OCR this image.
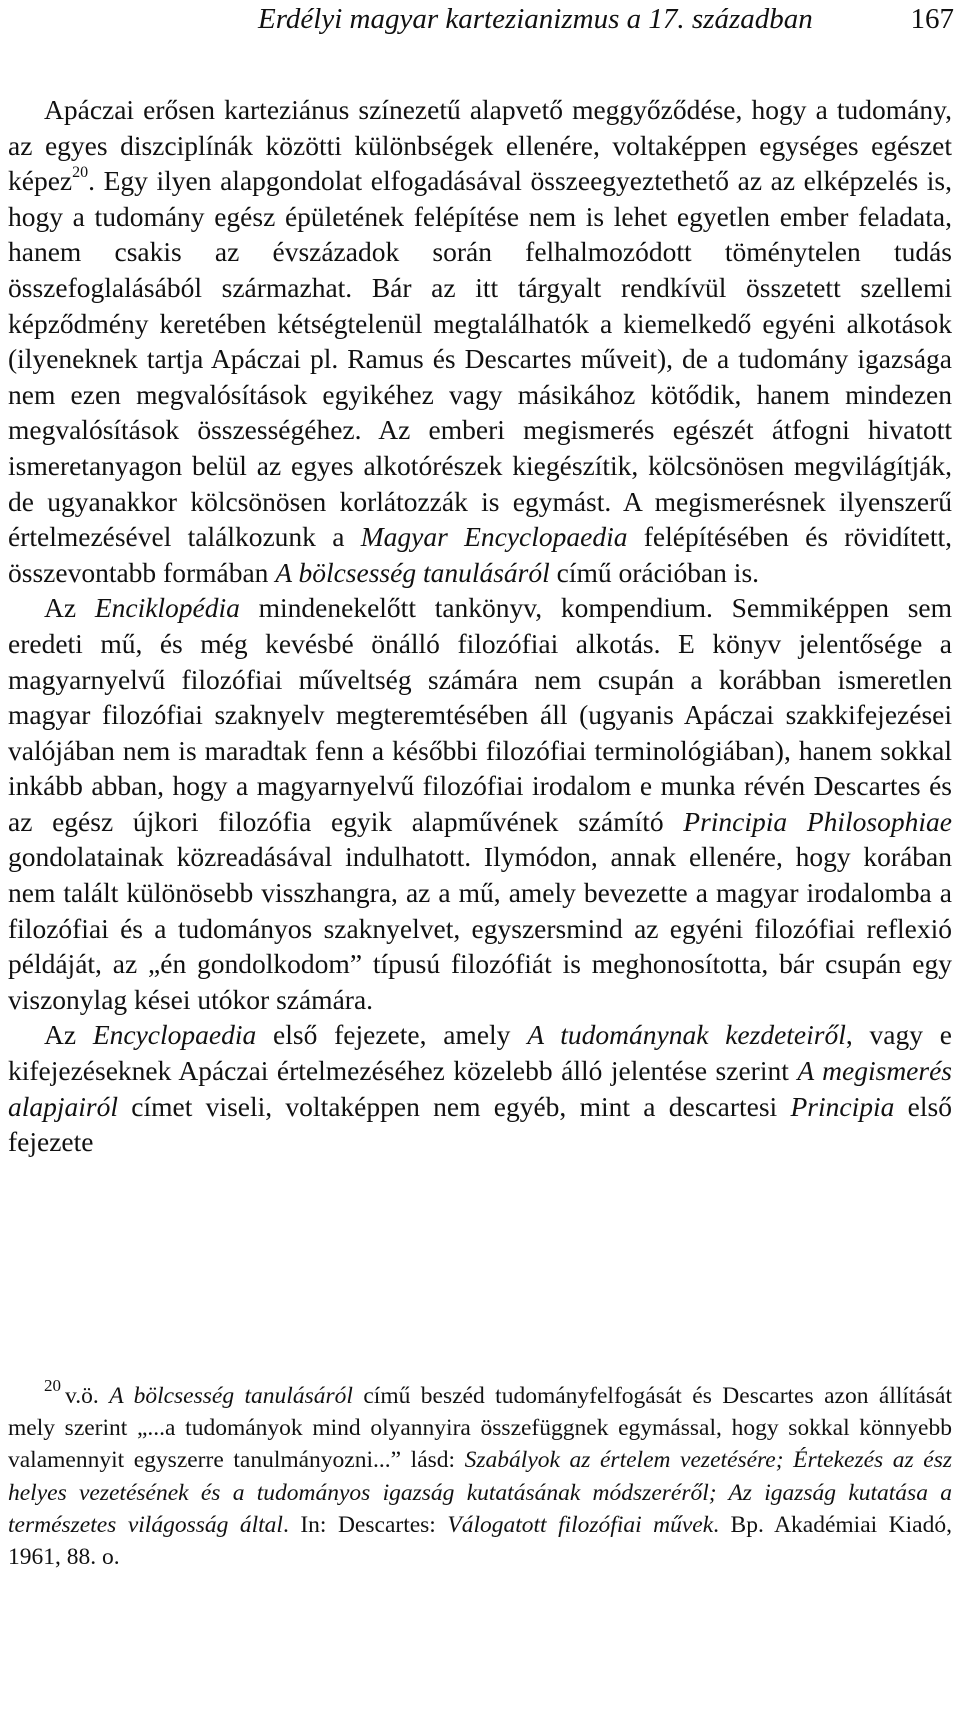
Erdélyi magyar kartezianizmus a 17. században	167

Apáczai erősen karteziánus színezetű alapvető meggyőződése, hogy a tudomány, az egyes diszciplínák közötti különbségek ellenére, voltaképpen egységes egészet képez$^{20}$. Egy ilyen alapgondolat elfogadásával összeegyeztethető az az elképzelés is, hogy a tudomány egész épületének felépítése nem is lehet egyetlen ember feladata, hanem csakis az évszázadok során felhalmozódott töménytelen tudás összefoglalásából származhat. Bár az itt tárgyalt rendkívül összetett szellemi képződmény keretében kétségtelenül megtalálhatók a kiemelkedő egyéni alkotások (ilyeneknek tartja Apáczai pl. Ramus és Descartes műveit), de a tudomány igazsága nem ezen megvalósítások egyikéhez vagy másikához kötődik, hanem mindezen megvalósítások összességéhez. Az emberi megismerés egészét átfogni hivatott ismeretanyagon belül az egyes alkotórészek kiegészítik, kölcsönösen megvilágítják, de ugyanakkor kölcsönösen korlátozzák is egymást. A megismerésnek ilyenszerű értelmezésével találkozunk a Magyar Encyclopaedia felépítésében és rövidített, összevontabb formában A bölcsesség tanulásáról című orációban is.

Az Enciklopédia mindenekelőtt tankönyv, kompendium. Semmiképpen sem eredeti mű, és még kevésbé önálló filozófiai alkotás. E könyv jelentősége a magyarnyelvű filozófiai műveltség számára nem csupán a korábban ismeretlen magyar filozófiai szaknyelv megteremtésében áll (ugyanis Apáczai szakkifejezései valójában nem is maradtak fenn a későbbi filozófiai terminológiában), hanem sokkal inkább abban, hogy a magyarnyelvű filozófiai irodalom e munka révén Descartes és az egész újkori filozófia egyik alapművének számító Principia Philosophiae gondolatainak közreadásával indulhatott. Ilymódon, annak ellenére, hogy korában nem talált különösebb visszhangra, az a mű, amely bevezette a magyar irodalomba a filozófiai és a tudományos szaknyelvet, egyszersmind az egyéni filozófiai reflexió példáját, az „én gondolkodom” típusú filozófiát is meghonosította, bár csupán egy viszonylag kései utókor számára.

Az Encyclopaedia első fejezete, amely A tudománynak kezdeteiről, vagy e kifejezéseknek Apáczai értelmezéséhez közelebb álló jelentése szerint A megismerés alapjairól címet viseli, voltaképpen nem egyéb, mint a descartesi Principia első fejezete

$^{20}$ v.ö. A bölcsesség tanulásáról című beszéd tudományfelfogását és Descartes azon állítását mely szerint „...a tudományok mind olyannyira összefüggnek egymással, hogy sokkal könnyebb valamennyit egyszerre tanulmányozni...” lásd: Szabályok az értelem vezetésére; Értekezés az ész helyes vezetésének és a tudományos igazság kutatásának módszeréről; Az igazság kutatása a természetes világosság által. In: Descartes: Válogatott filozófiai művek. Bp. Akadémiai Kiadó, 1961, 88. o.
